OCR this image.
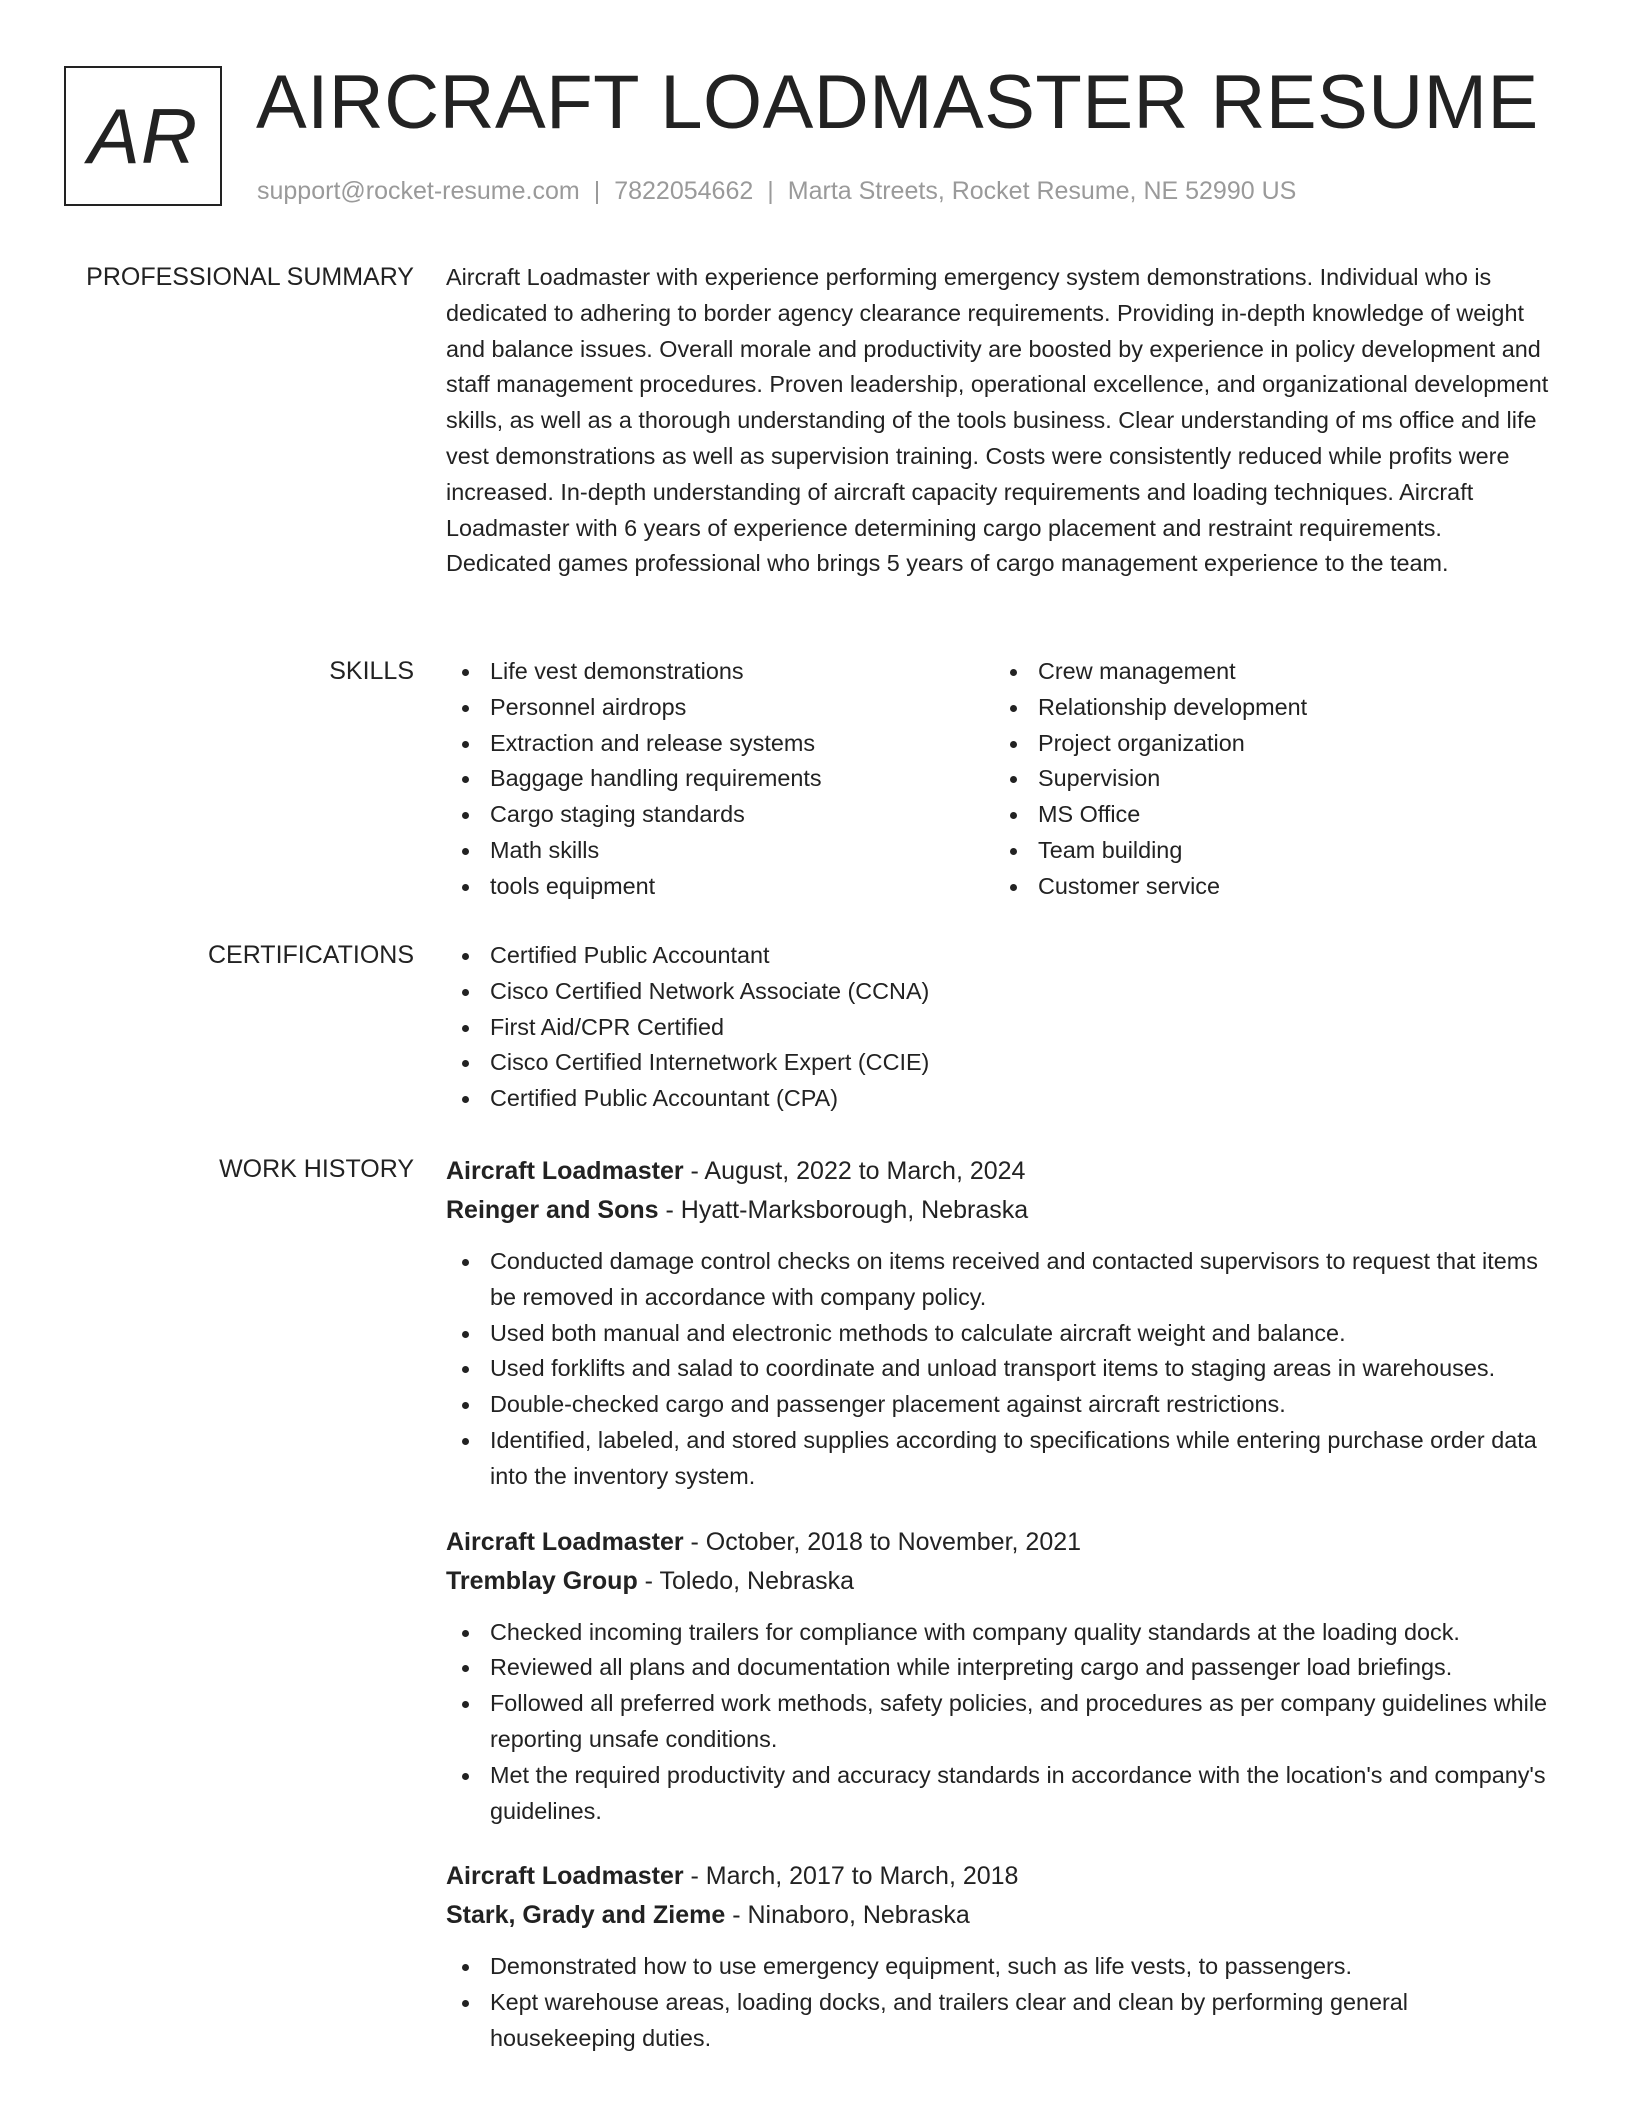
AR AIRCRAFT LOADMASTER RESUME
support@rocket-resume.com | 7822054662 | Marta Streets, Rocket Resume, NE 52990 US
PROFESSIONAL SUMMARY Aircraft Loadmaster with experience performing emergency system demonstrations. Individual who is dedicated to adhering to border agency clearance requirements. Providing in-depth knowledge of weight and balance issues. Overall morale and productivity are boosted by experience in policy development and staff management procedures. Proven leadership, operational excellence, and organizational development skills, as well as a thorough understanding of the tools business. Clear understanding of ms office and life vest demonstrations as well as supervision training. Costs were consistently reduced while profits were increased. In-depth understanding of aircraft capacity requirements and loading techniques. Aircraft Loadmaster with 6 years of experience determining cargo placement and restraint requirements. Dedicated games professional who brings 5 years of cargo management experience to the team.

SKILLS	Life vest demonstrations
Personnel airdrops
Extraction and release systems
Baggage handling requirements
Cargo staging standards
Math skills
tools equipment
Crew management
Relationship development
Project organization
Supervision
MS Office
Team building
Customer service
CERTIFICATIONS	Certified Public Accountant
Cisco Certified Network Associate (CCNA)
First Aid/CPR Certified
Cisco Certified Internetwork Expert (CCIE)
Certified Public Accountant (CPA)
WORK HISTORY Aircraft Loadmaster - August, 2022 to March, 2024
Reinger and Sons - Hyatt-Marksborough, Nebraska
Conducted damage control checks on items received and contacted supervisors to request that items be removed in accordance with company policy.
Used both manual and electronic methods to calculate aircraft weight and balance.
Used forklifts and salad to coordinate and unload transport items to staging areas in warehouses.
Double-checked cargo and passenger placement against aircraft restrictions.
Identified, labeled, and stored supplies according to specifications while entering purchase order data into the inventory system.
Aircraft Loadmaster - October, 2018 to November, 2021
Tremblay Group - Toledo, Nebraska
Checked incoming trailers for compliance with company quality standards at the loading dock.
Reviewed all plans and documentation while interpreting cargo and passenger load briefings.
Followed all preferred work methods, safety policies, and procedures as per company guidelines while reporting unsafe conditions.
Met the required productivity and accuracy standards in accordance with the location's and company's guidelines.
Aircraft Loadmaster - March, 2017 to March, 2018
Stark, Grady and Zieme - Ninaboro, Nebraska
Demonstrated how to use emergency equipment, such as life vests, to passengers.
Kept warehouse areas, loading docks, and trailers clear and clean by performing general housekeeping duties.
